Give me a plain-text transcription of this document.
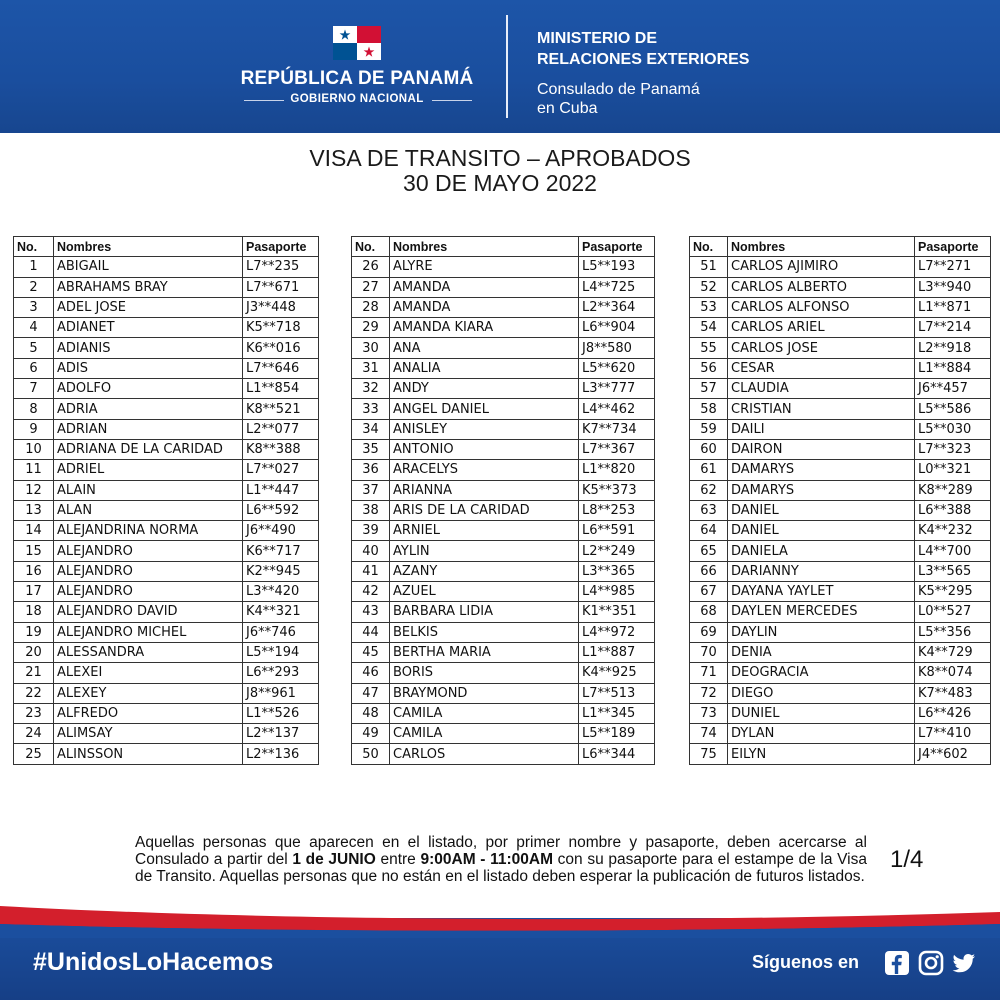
REPÚBLICA DE PANAMÁ
GOBIERNO NACIONAL
MINISTERIO DE
RELACIONES EXTERIORES
Consulado de Panamá
en Cuba
VISA DE TRANSITO – APROBADOS
30 DE MAYO 2022
No.	Nombres	Pasaporte
1	ABIGAIL	L7**235
2	ABRAHAMS BRAY	L7**671
3	ADEL JOSE	J3**448
4	ADIANET	K5**718
5	ADIANIS	K6**016
6	ADIS	L7**646
7	ADOLFO	L1**854
8	ADRIA	K8**521
9	ADRIAN	L2**077
10	ADRIANA DE LA CARIDAD	K8**388
11	ADRIEL	L7**027
12	ALAIN	L1**447
13	ALAN	L6**592
14	ALEJANDRINA NORMA	J6**490
15	ALEJANDRO	K6**717
16	ALEJANDRO	K2**945
17	ALEJANDRO	L3**420
18	ALEJANDRO DAVID	K4**321
19	ALEJANDRO MICHEL	J6**746
20	ALESSANDRA	L5**194
21	ALEXEI	L6**293
22	ALEXEY	J8**961
23	ALFREDO	L1**526
24	ALIMSAY	L2**137
25	ALINSSON	L2**136
No.	Nombres	Pasaporte
26	ALYRE	L5**193
27	AMANDA	L4**725
28	AMANDA	L2**364
29	AMANDA KIARA	L6**904
30	ANA	J8**580
31	ANALIA	L5**620
32	ANDY	L3**777
33	ANGEL DANIEL	L4**462
34	ANISLEY	K7**734
35	ANTONIO	L7**367
36	ARACELYS	L1**820
37	ARIANNA	K5**373
38	ARIS DE LA CARIDAD	L8**253
39	ARNIEL	L6**591
40	AYLIN	L2**249
41	AZANY	L3**365
42	AZUEL	L4**985
43	BARBARA LIDIA	K1**351
44	BELKIS	L4**972
45	BERTHA MARIA	L1**887
46	BORIS	K4**925
47	BRAYMOND	L7**513
48	CAMILA	L1**345
49	CAMILA	L5**189
50	CARLOS	L6**344
No.	Nombres	Pasaporte
51	CARLOS AJIMIRO	L7**271
52	CARLOS ALBERTO	L3**940
53	CARLOS ALFONSO	L1**871
54	CARLOS ARIEL	L7**214
55	CARLOS JOSE	L2**918
56	CESAR	L1**884
57	CLAUDIA	J6**457
58	CRISTIAN	L5**586
59	DAILI	L5**030
60	DAIRON	L7**323
61	DAMARYS	L0**321
62	DAMARYS	K8**289
63	DANIEL	L6**388
64	DANIEL	K4**232
65	DANIELA	L4**700
66	DARIANNY	L3**565
67	DAYANA YAYLET	K5**295
68	DAYLEN MERCEDES	L0**527
69	DAYLIN	L5**356
70	DENIA	K4**729
71	DEOGRACIA	K8**074
72	DIEGO	K7**483
73	DUNIEL	L6**426
74	DYLAN	L7**410
75	EILYN	J4**602
Aquellas personas que aparecen en el listado, por primer nombre y pasaporte, deben acercarse al Consulado a partir del 1 de JUNIO entre 9:00AM - 11:00AM con su pasaporte para el estampe de la Visa de Transito. Aquellas personas que no están en el listado deben esperar la publicación de futuros listados.
1/4
#UnidosLoHacemos	Síguenos en
